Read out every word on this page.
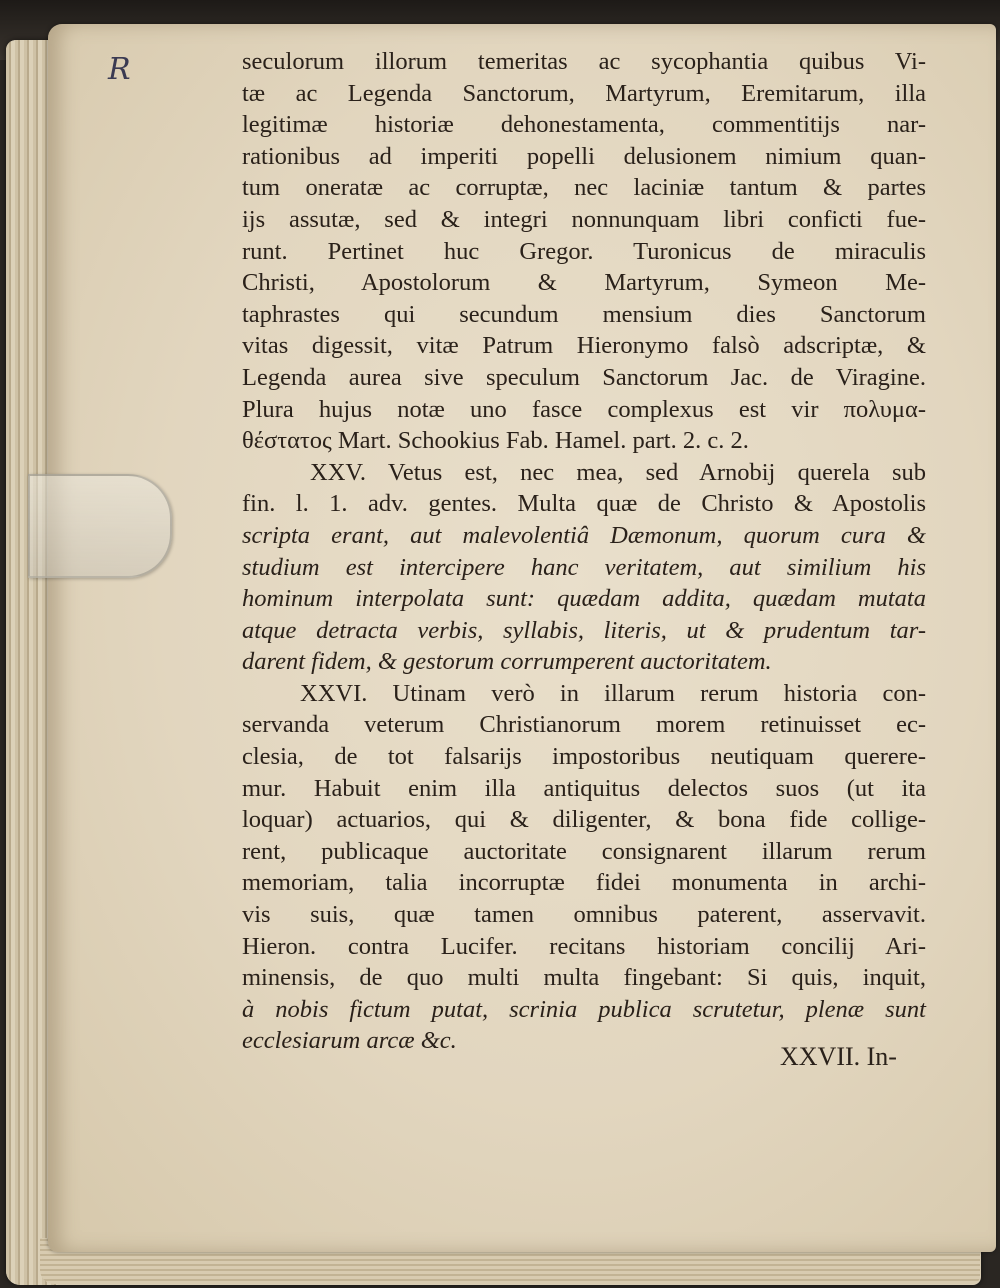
R	seculorum illorum temeritas ac sycophantia quibus Vi-
tæ ac Legenda Sanctorum, Martyrum, Eremitarum, illa
legitimæ historiæ dehonestamenta, commentitijs nar-
rationibus ad imperiti popelli delusionem nimium quan-
tum oneratæ ac corruptæ, nec laciniæ tantum & partes
ijs assutæ, sed & integri nonnunquam libri conficti fue-
runt. Pertinet huc Gregor. Turonicus de miraculis
Christi, Apostolorum & Martyrum, Symeon Me-
taphrastes qui secundum mensium dies Sanctorum
vitas digessit, vitæ Patrum Hieronymo falsò adscriptæ, &
Legenda aurea sive speculum Sanctorum Jac. de Viragine.
Plura hujus notæ uno fasce complexus est vir πολυμα-
θέστατος Mart. Schookius Fab. Hamel. part. 2. c. 2.
XXV. Vetus est, nec mea, sed Arnobij querela sub
fin. l. 1. adv. gentes. Multa quæ de Christo & Apostolis
scripta erant, aut malevolentiâ Dæmonum, quorum cura &
studium est intercipere hanc veritatem, aut similium his
hominum interpolata sunt: quædam addita, quædam mutata
atque detracta verbis, syllabis, literis, ut & prudentum tar-
darent fidem, & gestorum corrumperent auctoritatem.
XXVI. Utinam verò in illarum rerum historia con-
servanda veterum Christianorum morem retinuisset ec-
clesia, de tot falsarijs impostoribus neutiquam querere-
mur. Habuit enim illa antiquitus delectos suos (ut ita
loquar) actuarios, qui & diligenter, & bona fide collige-
rent, publicaque auctoritate consignarent illarum rerum
memoriam, talia incorruptæ fidei monumenta in archi-
vis suis, quæ tamen omnibus paterent, asservavit.
Hieron. contra Lucifer. recitans historiam concilij Ari-
minensis, de quo multi multa fingebant: Si quis, inquit,
à nobis fictum putat, scrinia publica scrutetur, plenæ sunt
ecclesiarum arcæ &c.
XXVII. In-
